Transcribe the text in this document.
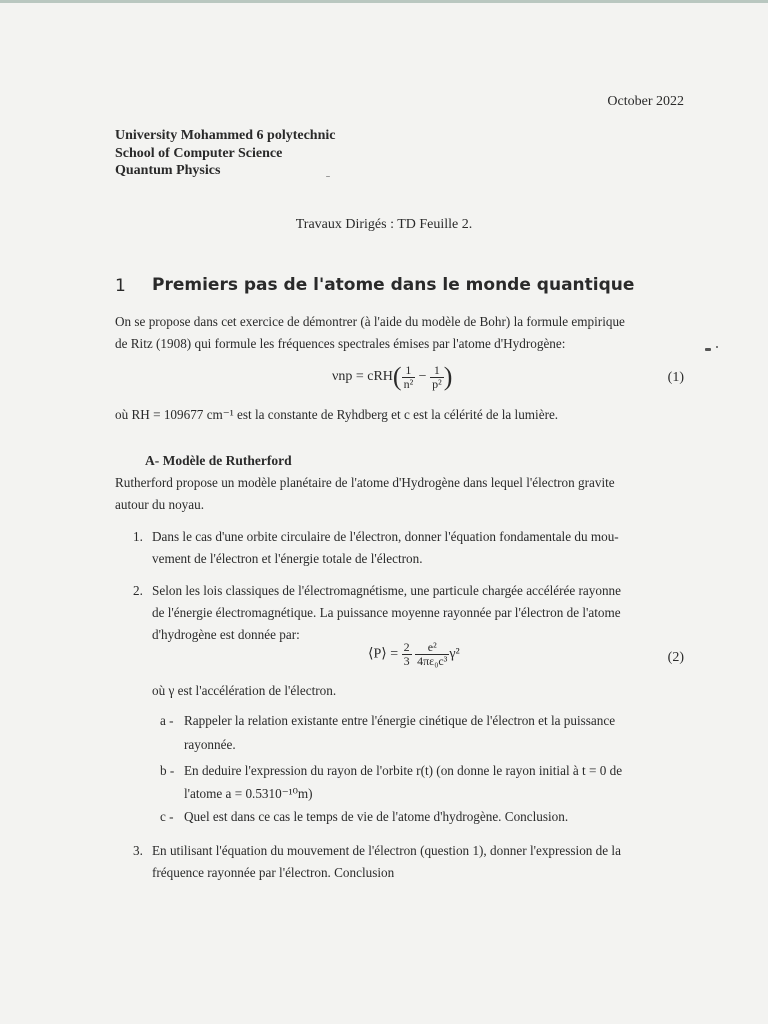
October 2022
University Mohammed 6 polytechnic
School of Computer Science
Quantum Physics
Travaux Dirigés : TD Feuille 2.
1 Premiers pas de l'atome dans le monde quantique
On se propose dans cet exercice de démontrer (à l'aide du modèle de Bohr) la formule empirique
de Ritz (1908) qui formule les fréquences spectrales émises par l'atome d'Hydrogène:
$\nu np = cRH( \frac{1}{\text{n²}} - \frac{1}{\text{p²}}$ )	(1)
où RH = 109677 cm⁻¹ est la constante de Ryhdberg et c est la célérité de la lumière.
A- Modèle de Rutherford
Rutherford propose un modèle planétaire de l'atome d'Hydrogène dans lequel l'électron gravite
autour du noyau.
1. Dans le cas d'une orbite circulaire de l'électron, donner l'équation fondamentale du mou-
vement de l'électron et l'énergie totale de l'électron.
2. Selon les lois classiques de l'électromagnétisme, une particule chargée accélérée rayonne
de l'énergie électromagnétique. La puissance moyenne rayonnée par l'électron de l'atome
d'hydrogène est donnée par:
⟨P⟩ = $\frac{2}{3}$
$\frac{\text{e²}}{\text{4πε₀c³}} \gamma^2$	(2)
où γ est l'accélération de l'électron.
a - Rappeler la relation existante entre l'énergie cinétique de l'électron et la puissance
rayonnée.
b - En deduire l'expression du rayon de l'orbite r(t) (on donne le rayon initial à t = 0 de
l'atome a = 0.5310⁻¹⁰m)
c - Quel est dans ce cas le temps de vie de l'atome d'hydrogène. Conclusion.
3. En utilisant l'équation du mouvement de l'électron (question 1), donner l'expression de la
fréquence rayonnée par l'électron. Conclusion
